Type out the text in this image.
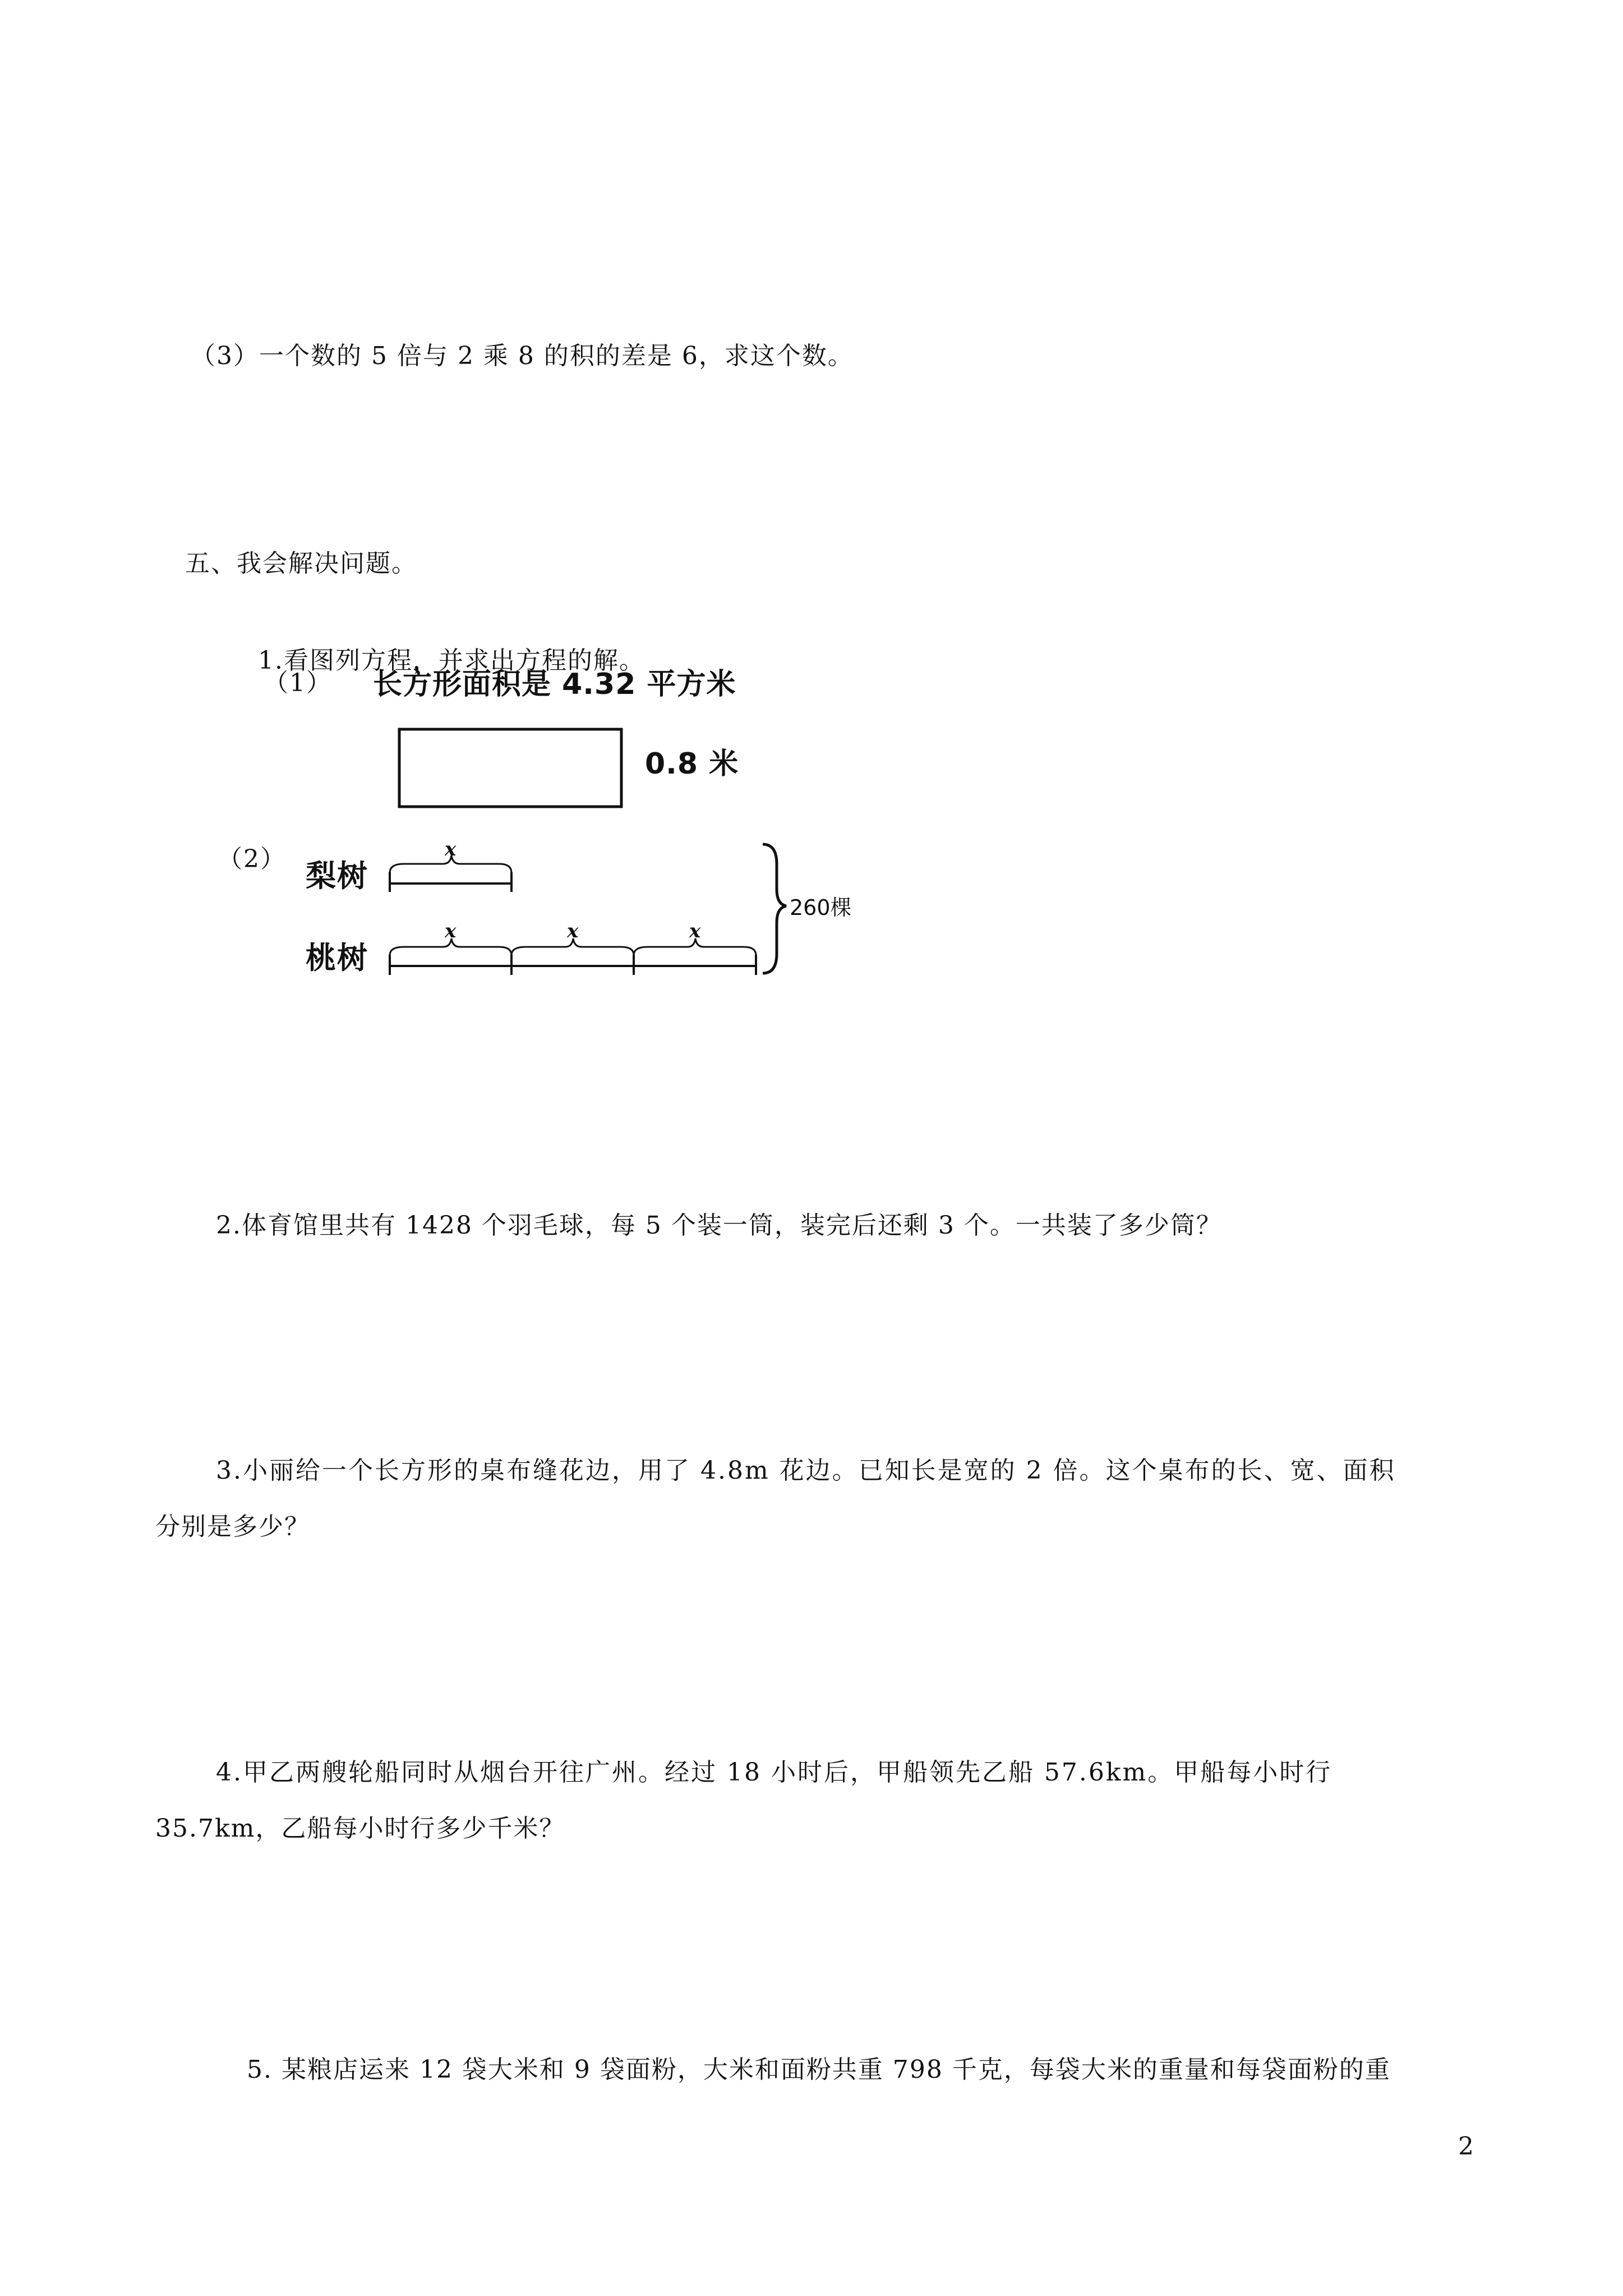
（3）一个数的 5 倍与 2 乘 8 的积的差是 6，求这个数。
五、我会解决问题。
1.看图列方程，并求出方程的解。
（1） 长方形面积是 4.32 平方米
0.8 米
（2） 梨树
桃树
x
x	x	x
260棵
2.体育馆里共有 1428 个羽毛球，每 5 个装一筒，装完后还剩 3 个。一共装了多少筒？
3.小丽给一个长方形的桌布缝花边，用了 4.8m 花边。已知长是宽的 2 倍。这个桌布的长、宽、面积
分别是多少？
4.甲乙两艘轮船同时从烟台开往广州。经过 18 小时后，甲船领先乙船 57.6km。甲船每小时行
35.7km，乙船每小时行多少千米？
5. 某粮店运来 12 袋大米和 9 袋面粉，大米和面粉共重 798 千克，每袋大米的重量和每袋面粉的重
2
